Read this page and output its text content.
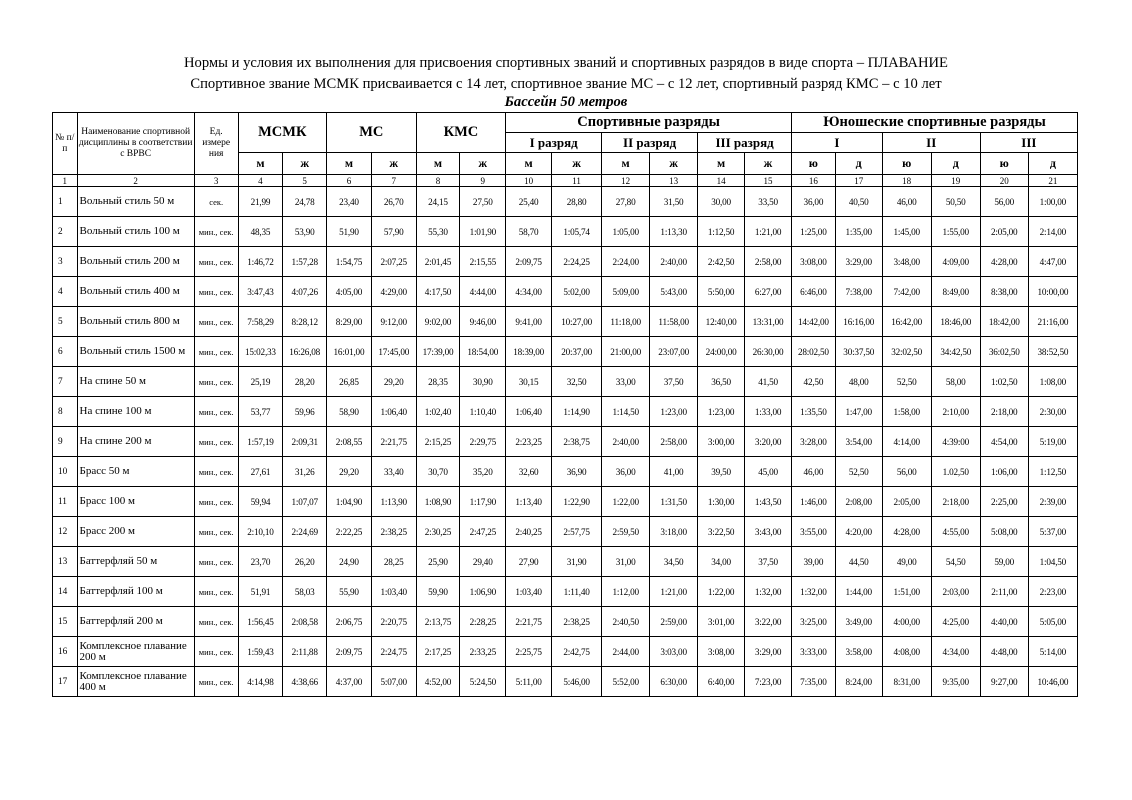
Нормы и условия их выполнения для присвоения спортивных званий и спортивных разрядов в виде спорта – ПЛАВАНИЕ
Спортивное звание МСМК присваивается с 14 лет, спортивное звание МС – с 12 лет, спортивный разряд КМС – с 10 лет
Бассейн 50 метров
№ п/п	Наименование спортивной дисциплины в соответствии с ВРВС	Ед. измере ния	МСМК		МС		КМС		Спортивные разряды						Юношеские спортивные разряды					
									I разряд		II разряд		III разряд		I		II		III	
			м	ж	м	ж	м	ж	м	ж	м	ж	м	ж	ю	д	ю	д	ю	д
1	2	3	4	5	6	7	8	9	10	11	12	13	14	15	16	17	18	19	20	21
1	Вольный стиль 50 м	сек.	21,99	24,78	23,40	26,70	24,15	27,50	25,40	28,80	27,80	31,50	30,00	33,50	36,00	40,50	46,00	50,50	56,00	1:00,00
2	Вольный стиль 100 м	мин., сек.	48,35	53,90	51,90	57,90	55,30	1:01,90	58,70	1:05,74	1:05,00	1:13,30	1:12,50	1:21,00	1:25,00	1:35,00	1:45,00	1:55,00	2:05,00	2:14,00
3	Вольный стиль 200 м	мин., сек.	1:46,72	1:57,28	1:54,75	2:07,25	2:01,45	2:15,55	2:09,75	2:24,25	2:24,00	2:40,00	2:42,50	2:58,00	3:08,00	3:29,00	3:48,00	4:09,00	4:28,00	4:47,00
4	Вольный стиль 400 м	мин., сек.	3:47,43	4:07,26	4:05,00	4:29,00	4:17,50	4:44,00	4:34,00	5:02,00	5:09,00	5:43,00	5:50,00	6:27,00	6:46,00	7:38,00	7:42,00	8:49,00	8:38,00	10:00,00
5	Вольный стиль 800 м	мин., сек.	7:58,29	8:28,12	8:29,00	9:12,00	9:02,00	9:46,00	9:41,00	10:27,00	11:18,00	11:58,00	12:40,00	13:31,00	14:42,00	16:16,00	16:42,00	18:46,00	18:42,00	21:16,00
6	Вольный стиль 1500 м	мин., сек.	15:02,33	16:26,08	16:01,00	17:45,00	17:39,00	18:54,00	18:39,00	20:37,00	21:00,00	23:07,00	24:00,00	26:30,00	28:02,50	30:37,50	32:02,50	34:42,50	36:02,50	38:52,50
7	На спине 50 м	мин., сек.	25,19	28,20	26,85	29,20	28,35	30,90	30,15	32,50	33,00	37,50	36,50	41,50	42,50	48,00	52,50	58,00	1:02,50	1:08,00
8	На спине 100 м	мин., сек.	53,77	59,96	58,90	1:06,40	1:02,40	1:10,40	1:06,40	1:14,90	1:14,50	1:23,00	1:23,00	1:33,00	1:35,50	1:47,00	1:58,00	2:10,00	2:18,00	2:30,00
9	На спине 200 м	мин., сек.	1:57,19	2:09,31	2:08,55	2:21,75	2:15,25	2:29,75	2:23,25	2:38,75	2:40,00	2:58,00	3:00,00	3:20,00	3:28,00	3:54,00	4:14,00	4:39:00	4:54,00	5:19,00
10	Брасс 50 м	мин., сек.	27,61	31,26	29,20	33,40	30,70	35,20	32,60	36,90	36,00	41,00	39,50	45,00	46,00	52,50	56,00	1.02,50	1:06,00	1:12,50
11	Брасс 100 м	мин., сек.	59,94	1:07,07	1:04,90	1:13,90	1:08,90	1:17,90	1:13,40	1:22,90	1:22,00	1:31,50	1:30,00	1:43,50	1:46,00	2:08,00	2:05,00	2:18,00	2:25,00	2:39,00
12	Брасс 200 м	мин., сек.	2:10,10	2:24,69	2:22,25	2:38,25	2:30,25	2:47,25	2:40,25	2:57,75	2:59,50	3:18,00	3:22,50	3:43,00	3:55,00	4:20,00	4:28,00	4:55,00	5:08,00	5:37,00
13	Баттерфляй 50 м	мин., сек.	23,70	26,20	24,90	28,25	25,90	29,40	27,90	31,90	31,00	34,50	34,00	37,50	39,00	44,50	49,00	54,50	59,00	1:04,50
14	Баттерфляй 100 м	мин., сек.	51,91	58,03	55,90	1:03,40	59,90	1:06,90	1:03,40	1:11,40	1:12,00	1:21,00	1:22,00	1:32,00	1:32,00	1:44,00	1:51,00	2:03,00	2:11,00	2:23,00
15	Баттерфляй 200 м	мин., сек.	1:56,45	2:08,58	2:06,75	2:20,75	2:13,75	2:28,25	2:21,75	2:38,25	2:40,50	2:59,00	3:01,00	3:22,00	3:25,00	3:49,00	4:00,00	4:25,00	4:40,00	5:05,00
16	Комплексное плавание 200 м	мин., сек.	1:59,43	2:11,88	2:09,75	2:24,75	2:17,25	2:33,25	2:25,75	2:42,75	2:44,00	3:03,00	3:08,00	3:29,00	3:33,00	3:58,00	4:08,00	4:34,00	4:48,00	5:14,00
17	Комплексное плавание 400 м	мин., сек.	4:14,98	4:38,66	4:37,00	5:07,00	4:52,00	5:24,50	5:11,00	5:46,00	5:52,00	6:30,00	6:40,00	7:23,00	7:35,00	8:24,00	8:31,00	9:35,00	9:27,00	10:46,00
